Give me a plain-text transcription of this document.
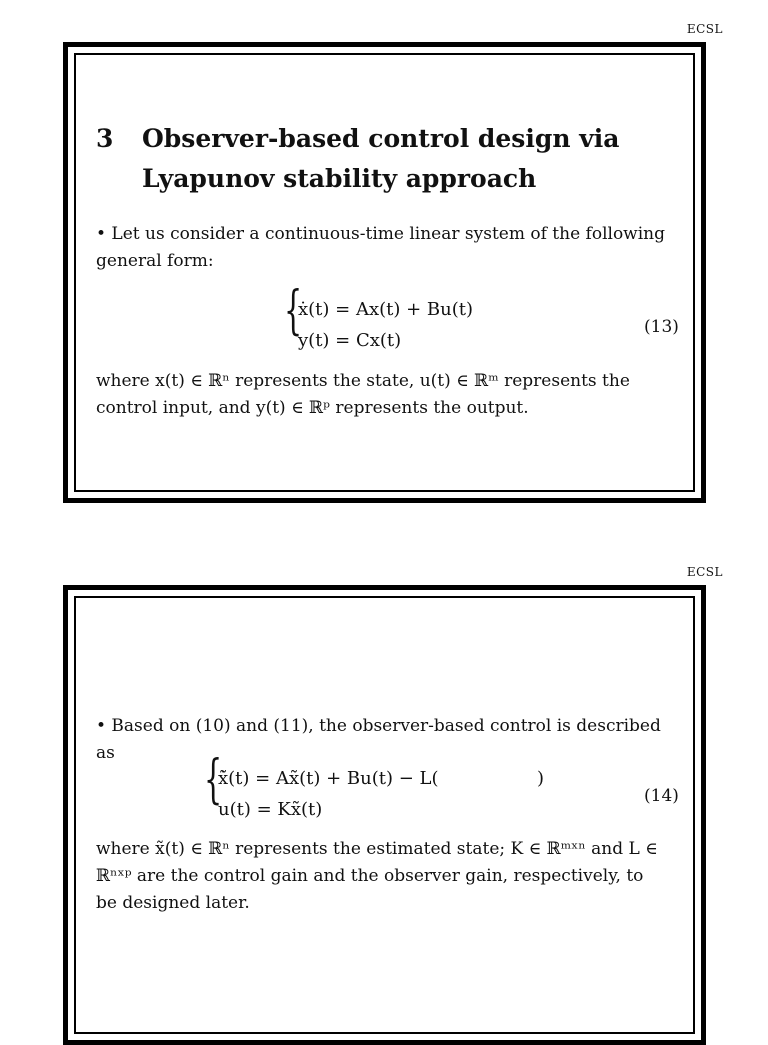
ECSL
3 Observer-based control design via
Lyapunov stability approach
• Let us consider a continuous-time linear system of the following general form:
{
ẋ(t) = Ax(t) + Bu(t)
y(t) = Cx(t)
(13)
where x(t) ∈ ℝⁿ represents the state, u(t) ∈ ℝᵐ represents the control input, and y(t) ∈ ℝᵖ represents the output.
ECSL
• Based on (10) and (11), the observer-based control is described as	{
x̃̇(t) = Ax̃(t) + Bu(t) − L(	)
u(t) = Kx̃(t)
(14)
where x̃(t) ∈ ℝⁿ represents the estimated state; K ∈ ℝᵐˣⁿ and L ∈ ℝⁿˣᵖ are the control gain and the observer gain, respectively, to be designed later.
